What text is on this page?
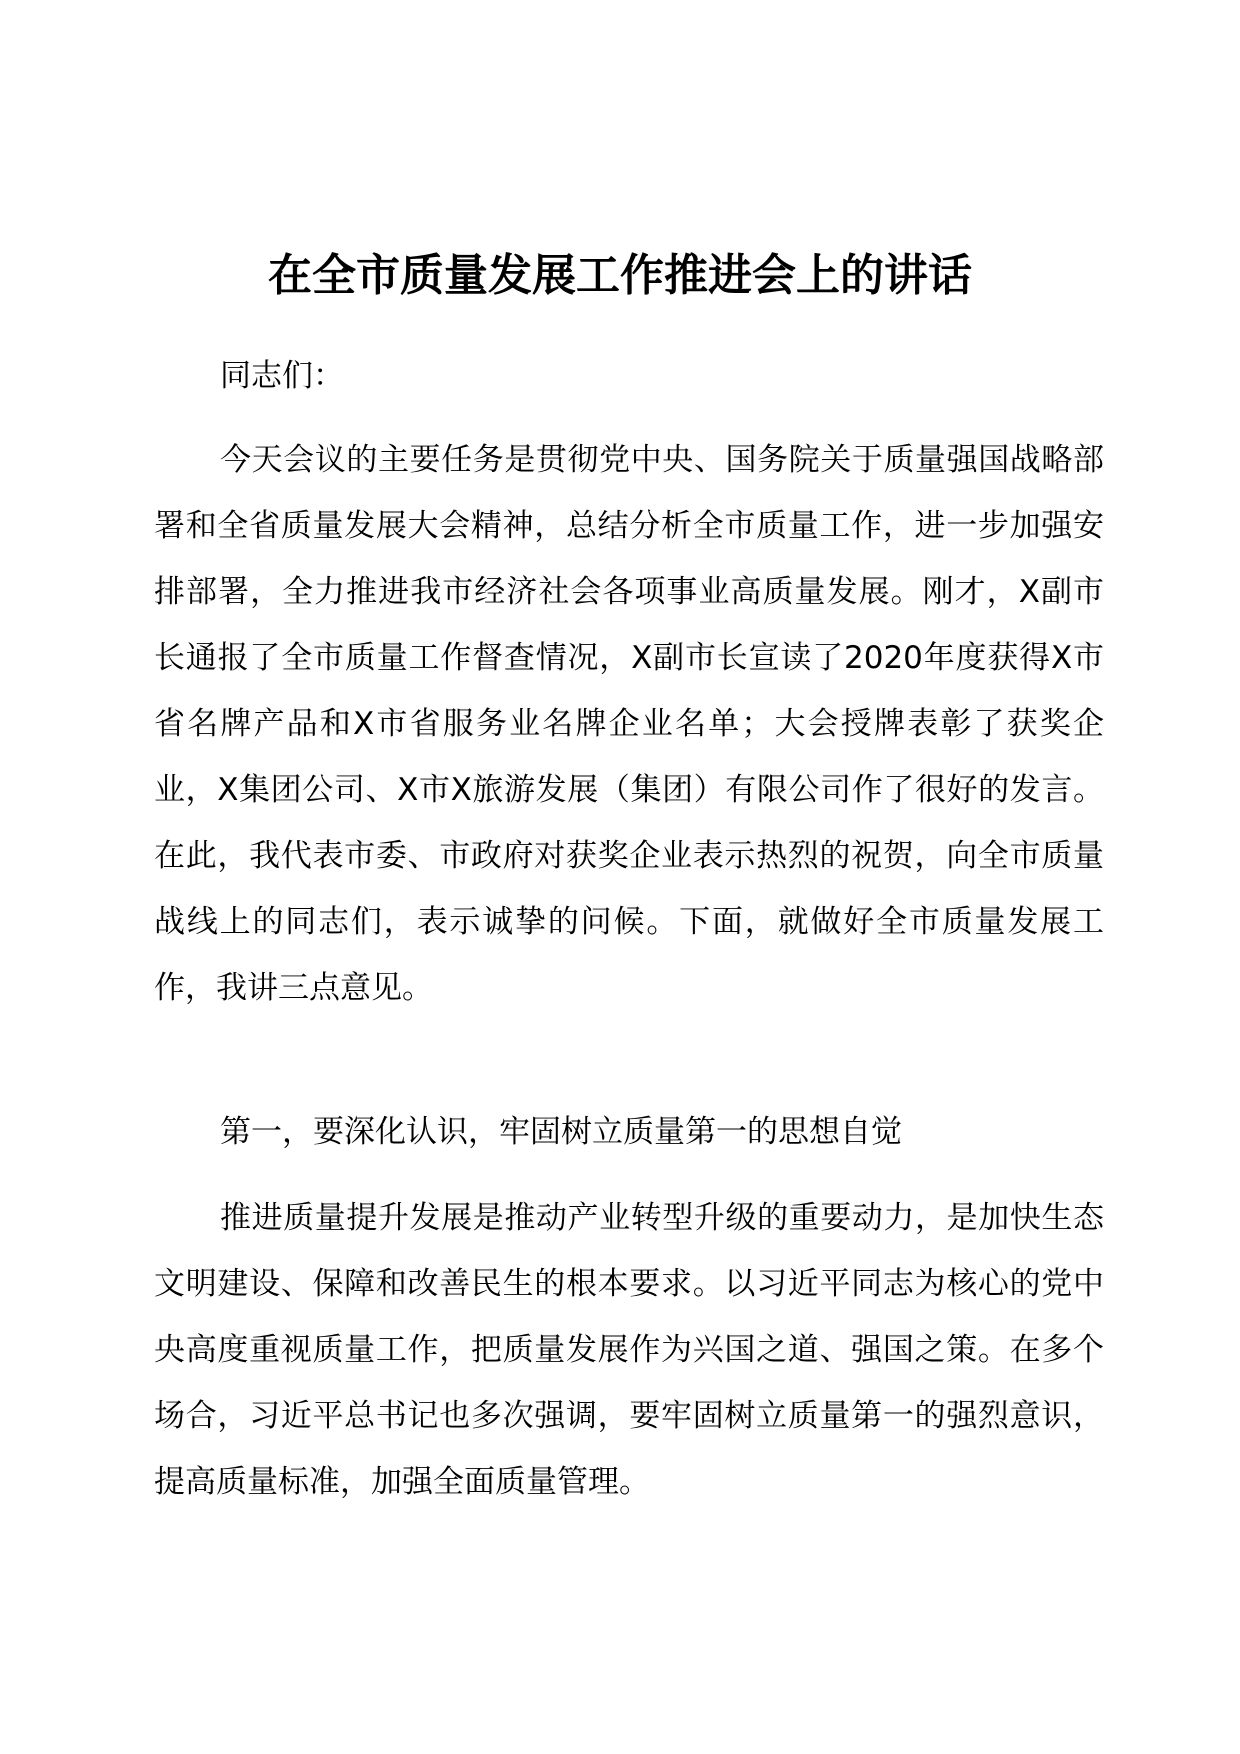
在全市质量发展工作推进会上的讲话

同志们：

今天会议的主要任务是贯彻党中央、国务院关于质量强国战略部署和全省质量发展大会精神，总结分析全市质量工作，进一步加强安排部署，全力推进我市经济社会各项事业高质量发展。刚才，X副市长通报了全市质量工作督查情况，X副市长宣读了2020年度获得X市省名牌产品和X市省服务业名牌企业名单；大会授牌表彰了获奖企业，X集团公司、X市X旅游发展（集团）有限公司作了很好的发言。在此，我代表市委、市政府对获奖企业表示热烈的祝贺，向全市质量战线上的同志们，表示诚挚的问候。下面，就做好全市质量发展工作，我讲三点意见。

第一，要深化认识，牢固树立质量第一的思想自觉

推进质量提升发展是推动产业转型升级的重要动力，是加快生态文明建设、保障和改善民生的根本要求。以习近平同志为核心的党中央高度重视质量工作，把质量发展作为兴国之道、强国之策。在多个场合，习近平总书记也多次强调，要牢固树立质量第一的强烈意识，提高质量标准，加强全面质量管理。
